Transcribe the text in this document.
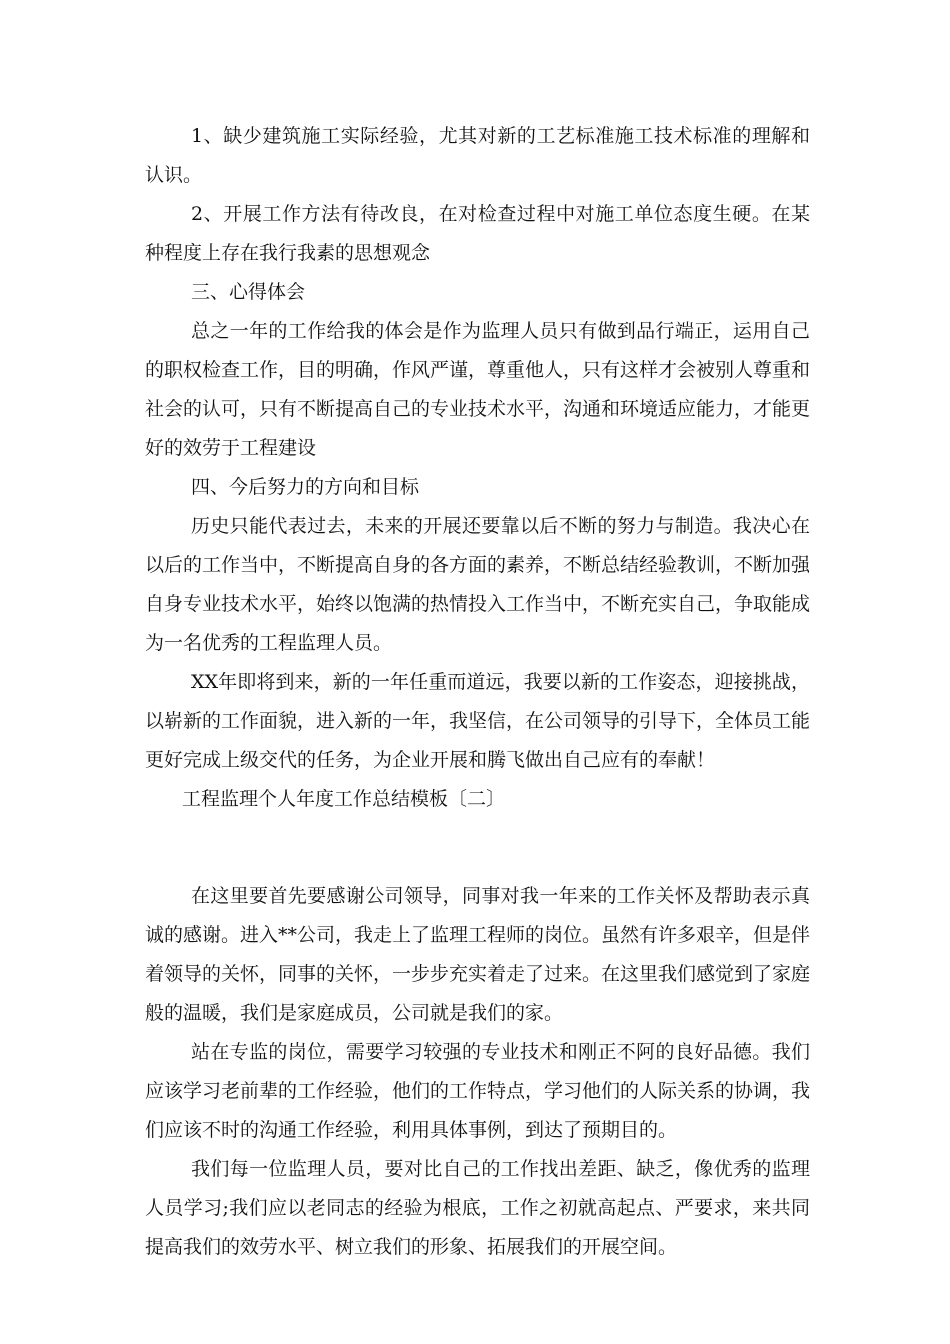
1、缺少建筑施工实际经验，尤其对新的工艺标准施工技术标准的理解和认识。

2、开展工作方法有待改良，在对检查过程中对施工单位态度生硬。在某种程度上存在我行我素的思想观念

三、心得体会

总之一年的工作给我的体会是作为监理人员只有做到品行端正，运用自己的职权检查工作，目的明确，作风严谨，尊重他人，只有这样才会被别人尊重和社会的认可，只有不断提高自己的专业技术水平，沟通和环境适应能力，才能更好的效劳于工程建设

四、今后努力的方向和目标

历史只能代表过去，未来的开展还要靠以后不断的努力与制造。我决心在以后的工作当中，不断提高自身的各方面的素养，不断总结经验教训，不断加强自身专业技术水平，始终以饱满的热情投入工作当中，不断充实自己，争取能成为一名优秀的工程监理人员。

XX年即将到来，新的一年任重而道远，我要以新的工作姿态，迎接挑战，以崭新的工作面貌，进入新的一年，我坚信，在公司领导的引导下，全体员工能更好完成上级交代的任务，为企业开展和腾飞做出自己应有的奉献！

工程监理个人年度工作总结模板〔二〕

在这里要首先要感谢公司领导，同事对我一年来的工作关怀及帮助表示真诚的感谢。进入**公司，我走上了监理工程师的岗位。虽然有许多艰辛，但是伴着领导的关怀，同事的关怀，一步步充实着走了过来。在这里我们感觉到了家庭般的温暖，我们是家庭成员，公司就是我们的家。

站在专监的岗位，需要学习较强的专业技术和刚正不阿的良好品德。我们应该学习老前辈的工作经验，他们的工作特点，学习他们的人际关系的协调，我们应该不时的沟通工作经验，利用具体事例，到达了预期目的。

我们每一位监理人员，要对比自己的工作找出差距、缺乏，像优秀的监理人员学习;我们应以老同志的经验为根底，工作之初就高起点、严要求，来共同提高我们的效劳水平、树立我们的形象、拓展我们的开展空间。
